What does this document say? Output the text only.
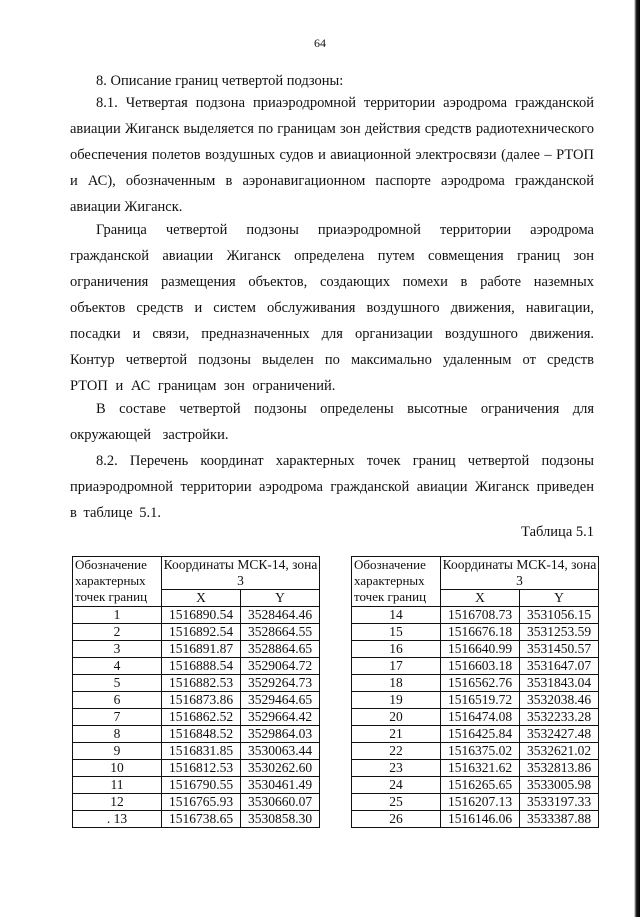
64
8. Описание границ четвертой подзоны:

8.1. Четвертая подзона приаэродромной территории аэродрома гражданской авиации Жиганск выделяется по границам зон действия средств радиотехнического обеспечения полетов воздушных судов и авиационной электросвязи (далее – РТОП и АС), обозначенным в аэронавигационном паспорте аэродрома гражданской авиации Жиганск.

Граница четвертой подзоны приаэродромной территории аэродрома гражданской авиации Жиганск определена путем совмещения границ зон ограничения размещения объектов, создающих помехи в работе наземных объектов средств и систем обслуживания воздушного движения, навигации, посадки и связи, предназначенных для организации воздушного движения. Контур четвертой подзоны выделен по максимально удаленным от средств РТОП и АС границам зон ограничений.

В составе четвертой подзоны определены высотные ограничения для окружающей застройки.

8.2. Перечень координат характерных точек границ четвертой подзоны приаэродромной территории аэродрома гражданской авиации Жиганск приведен в таблице 5.1.

Таблица 5.1
Обозначение характерных точек границ	Координаты МСК-14, зона 3	
	X	Y
1	1516890.54	3528464.46
2	1516892.54	3528664.55
3	1516891.87	3528864.65
4	1516888.54	3529064.72
5	1516882.53	3529264.73
6	1516873.86	3529464.65
7	1516862.52	3529664.42
8	1516848.52	3529864.03
9	1516831.85	3530063.44
10	1516812.53	3530262.60
11	1516790.55	3530461.49
12	1516765.93	3530660.07
. 13	1516738.65	3530858.30
Обозначение характерных точек границ	Координаты МСК-14, зона 3	
	X	Y
14	1516708.73	3531056.15
15	1516676.18	3531253.59
16	1516640.99	3531450.57
17	1516603.18	3531647.07
18	1516562.76	3531843.04
19	1516519.72	3532038.46
20	1516474.08	3532233.28
21	1516425.84	3532427.48
22	1516375.02	3532621.02
23	1516321.62	3532813.86
24	1516265.65	3533005.98
25	1516207.13	3533197.33
26	1516146.06	3533387.88
